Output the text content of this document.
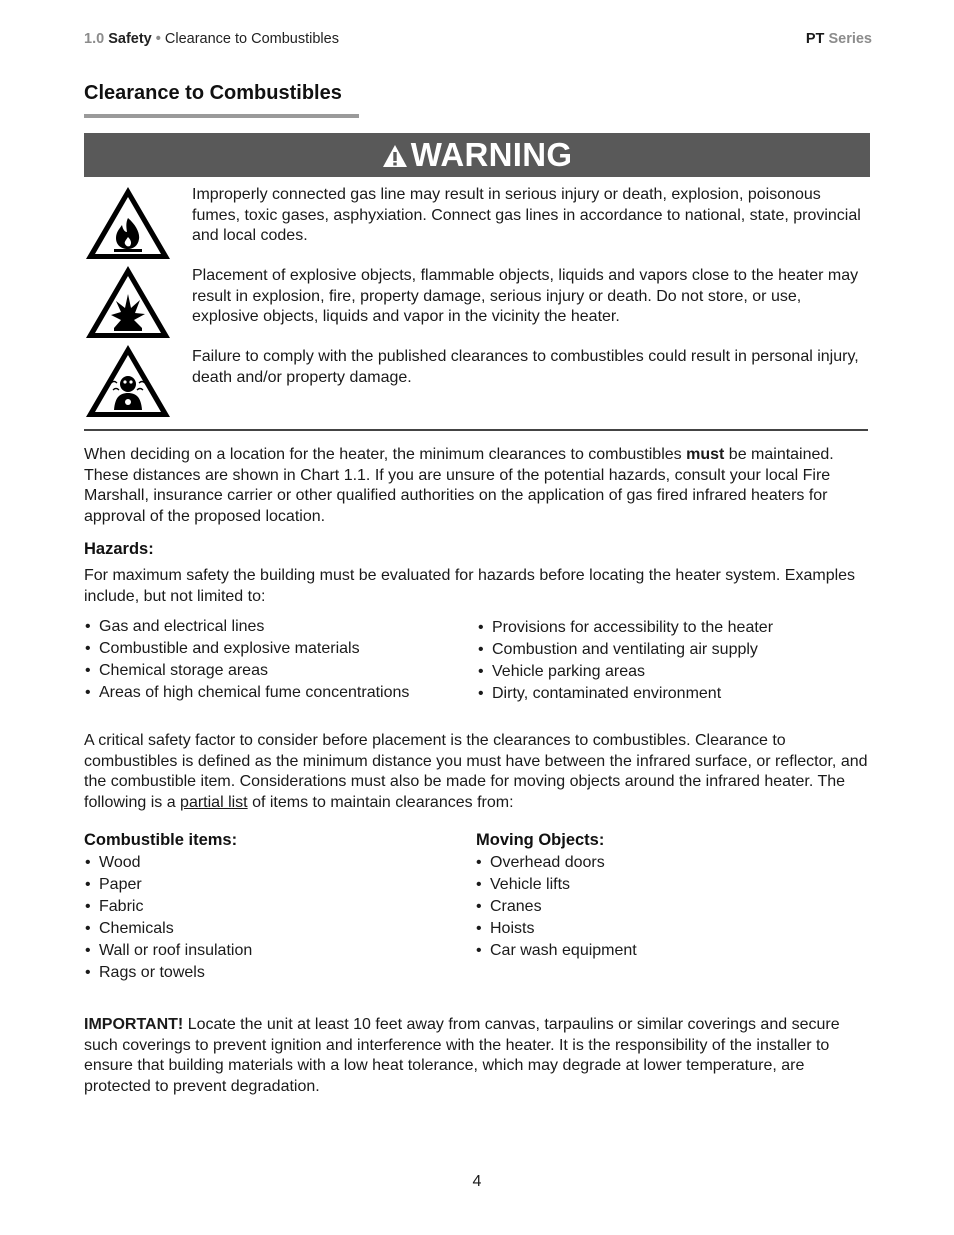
1.0 Safety • Clearance to Combustibles	PT Series
Clearance to Combustibles
WARNING
Improperly connected gas line may result in serious injury or death, explosion, poisonous fumes, toxic gases, asphyxiation. Connect gas lines in accordance to national, state, provincial and local codes.
Placement of explosive objects, flammable objects, liquids and vapors close to the heater may result in explosion, fire, property damage, serious injury or death. Do not store, or use, explosive objects, liquids and vapor in the vicinity the heater.
Failure to comply with the published clearances to combustibles could result in personal injury, death and/or property damage.
When deciding on a location for the heater, the minimum clearances to combustibles must be maintained. These distances are shown in Chart 1.1. If you are unsure of the potential hazards, consult your local Fire Marshall, insurance carrier or other qualified authorities on the application of gas fired infrared heaters for approval of the proposed location.
Hazards:
For maximum safety the building must be evaluated for hazards before locating the heater system. Examples include, but not limited to:
• Gas and electrical lines
• Combustible and explosive materials
• Chemical storage areas
• Areas of high chemical fume concentrations
• Provisions for accessibility to the heater
• Combustion and ventilating air supply
• Vehicle parking areas
• Dirty, contaminated environment
A critical safety factor to consider before placement is the clearances to combustibles. Clearance to combustibles is defined as the minimum distance you must have between the infrared surface, or reflector, and the combustible item. Considerations must also be made for moving objects around the infrared heater. The following is a partial list of items to maintain clearances from:
Combustible items:
• Wood
• Paper
• Fabric
• Chemicals
• Wall or roof insulation
• Rags or towels
Moving Objects:
• Overhead doors
• Vehicle lifts
• Cranes
• Hoists
• Car wash equipment
IMPORTANT! Locate the unit at least 10 feet away from canvas, tarpaulins or similar coverings and secure such coverings to prevent ignition and interference with the heater. It is the responsibility of the installer to ensure that building materials with a low heat tolerance, which may degrade at lower temperature, are protected to prevent degradation.
4
